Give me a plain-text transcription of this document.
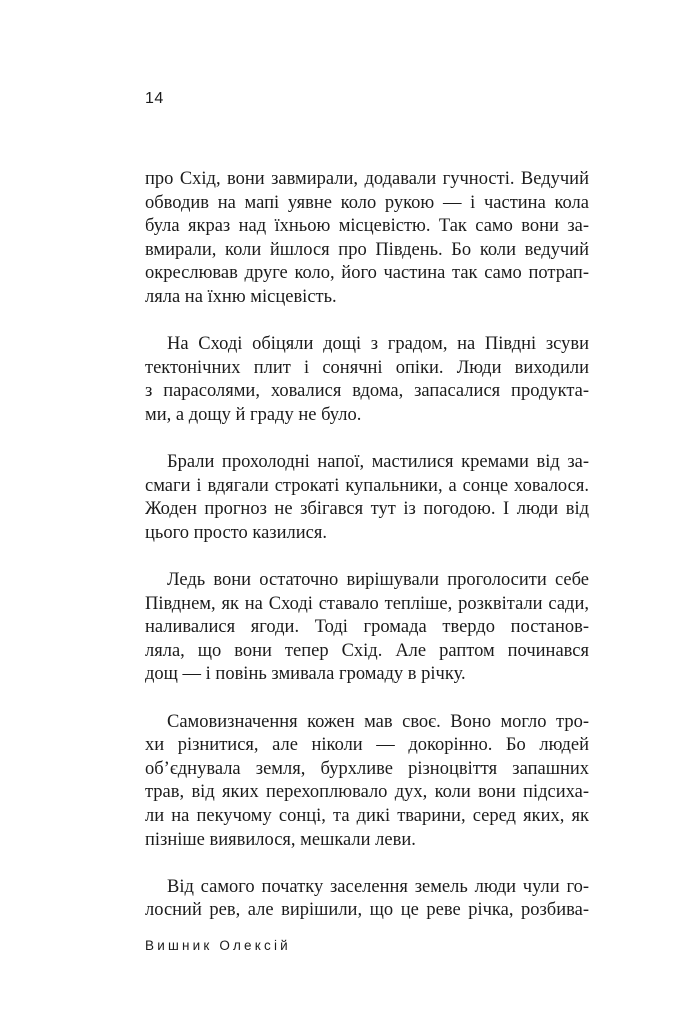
14

про Схід, вони завмирали, додавали гучності. Ведучий
обводив на мапі уявне коло рукою — і частина кола
була якраз над їхньою місцевістю. Так само вони за-
вмирали, коли йшлося про Південь. Бо коли ведучий
окреслював друге коло, його частина так само потрап-
ляла на їхню місцевість.

На Сході обіцяли дощі з градом, на Півдні зсуви
тектонічних плит і сонячні опіки. Люди виходили
з парасолями, ховалися вдома, запасалися продукта-
ми, а дощу й граду не було.

Брали прохолодні напої, мастилися кремами від за-
смаги і вдягали строкаті купальники, а сонце ховалося.
Жоден прогноз не збігався тут із погодою. І люди від
цього просто казилися.

Ледь вони остаточно вирішували проголосити себе
Півднем, як на Сході ставало тепліше, розквітали сади,
наливалися ягоди. Тоді громада твердо постанов-
ляла, що вони тепер Схід. Але раптом починався
дощ — і повінь змивала громаду в річку.

Самовизначення кожен мав своє. Воно могло тро-
хи різнитися, але ніколи — докорінно. Бо людей
об’єднувала земля, бурхливе різноцвіття запашних
трав, від яких перехоплювало дух, коли вони підсиха-
ли на пекучому сонці, та дикі тварини, серед яких, як
пізніше виявилося, мешкали леви.

Від самого початку заселення земель люди чули го-
лосний рев, але вирішили, що це реве річка, розбива-

Вишник Олексій
